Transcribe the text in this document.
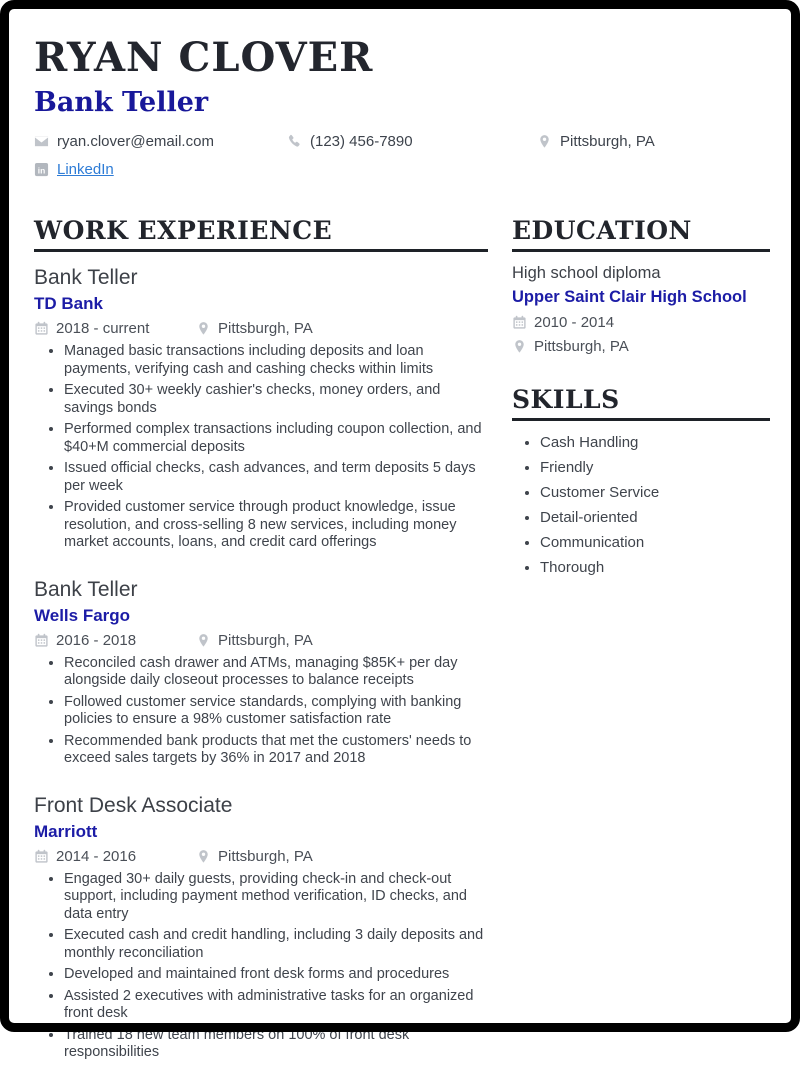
RYAN CLOVER
Bank Teller
ryan.clover@email.com	(123) 456-7890	Pittsburgh, PA
LinkedIn
WORK EXPERIENCE
Bank Teller
TD Bank
2018 - current	Pittsburgh, PA
• Managed basic transactions including deposits and loan payments, verifying cash and cashing checks within limits
• Executed 30+ weekly cashier's checks, money orders, and savings bonds
• Performed complex transactions including coupon collection, and $40+M commercial deposits
• Issued official checks, cash advances, and term deposits 5 days per week
• Provided customer service through product knowledge, issue resolution, and cross-selling 8 new services, including money market accounts, loans, and credit card offerings
Bank Teller
Wells Fargo
2016 - 2018	Pittsburgh, PA
• Reconciled cash drawer and ATMs, managing $85K+ per day alongside daily closeout processes to balance receipts
• Followed customer service standards, complying with banking policies to ensure a 98% customer satisfaction rate
• Recommended bank products that met the customers' needs to exceed sales targets by 36% in 2017 and 2018
Front Desk Associate
Marriott
2014 - 2016	Pittsburgh, PA
• Engaged 30+ daily guests, providing check-in and check-out support, including payment method verification, ID checks, and data entry
• Executed cash and credit handling, including 3 daily deposits and monthly reconciliation
• Developed and maintained front desk forms and procedures
• Assisted 2 executives with administrative tasks for an organized front desk
• Trained 18 new team members on 100% of front desk responsibilities
EDUCATION
High school diploma
Upper Saint Clair High School
2010 - 2014
Pittsburgh, PA
SKILLS
• Cash Handling
• Friendly
• Customer Service
• Detail-oriented
• Communication
• Thorough
